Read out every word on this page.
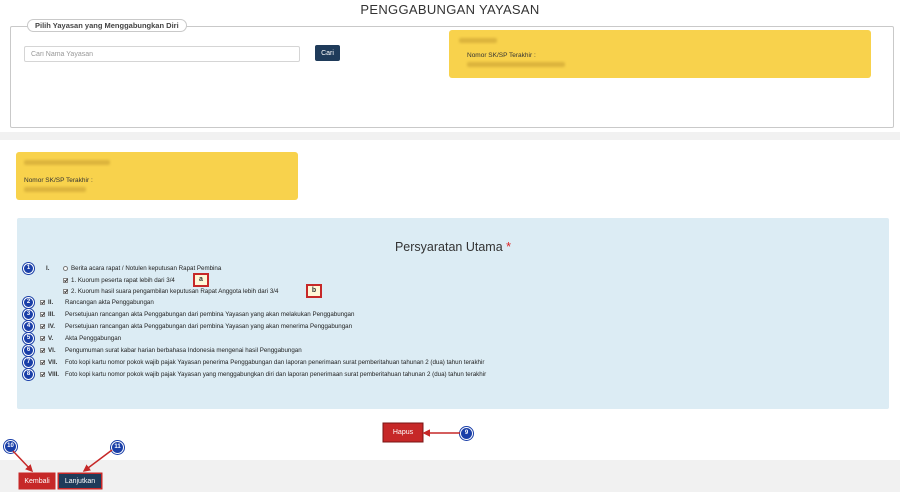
PENGGABUNGAN YAYASAN
Pilih Yayasan yang Menggabungkan Diri
Cari Nama Yayasan
Cari	Nomor SK/SP Terakhir :
Nomor SK/SP Terakhir :
Persyaratan Utama *
I.	Berita acara rapat / Notulen keputusan Rapat Pembina
1. Kuorum peserta rapat lebih dari 3/4
2. Kuorum hasil suara pengambilan keputusan Rapat Anggota lebih dari 3/4
II.	Rancangan akta Penggabungan
III.	Persetujuan rancangan akta Penggabungan dari pembina Yayasan yang akan melakukan Penggabungan
IV.	Persetujuan rancangan akta Penggabungan dari pembina Yayasan yang akan menerima Penggabungan
V.	Akta Penggabungan
VI.	Pengumuman surat kabar harian berbahasa Indonesia mengenai hasil Penggabungan
VII.	Foto kopi kartu nomor pokok wajib pajak Yayasan penerima Penggabungan dan laporan penerimaan surat pemberitahuan tahunan 2 (dua) tahun terakhir
VIII. Foto kopi kartu nomor pokok wajib pajak Yayasan yang menggabungkan diri dan laporan penerimaan surat pemberitahuan tahunan 2 (dua) tahun terakhir
1
2
3
4
5
6
7
8
9
10	11
a
b
Hapus
Kembali	Lanjutkan
